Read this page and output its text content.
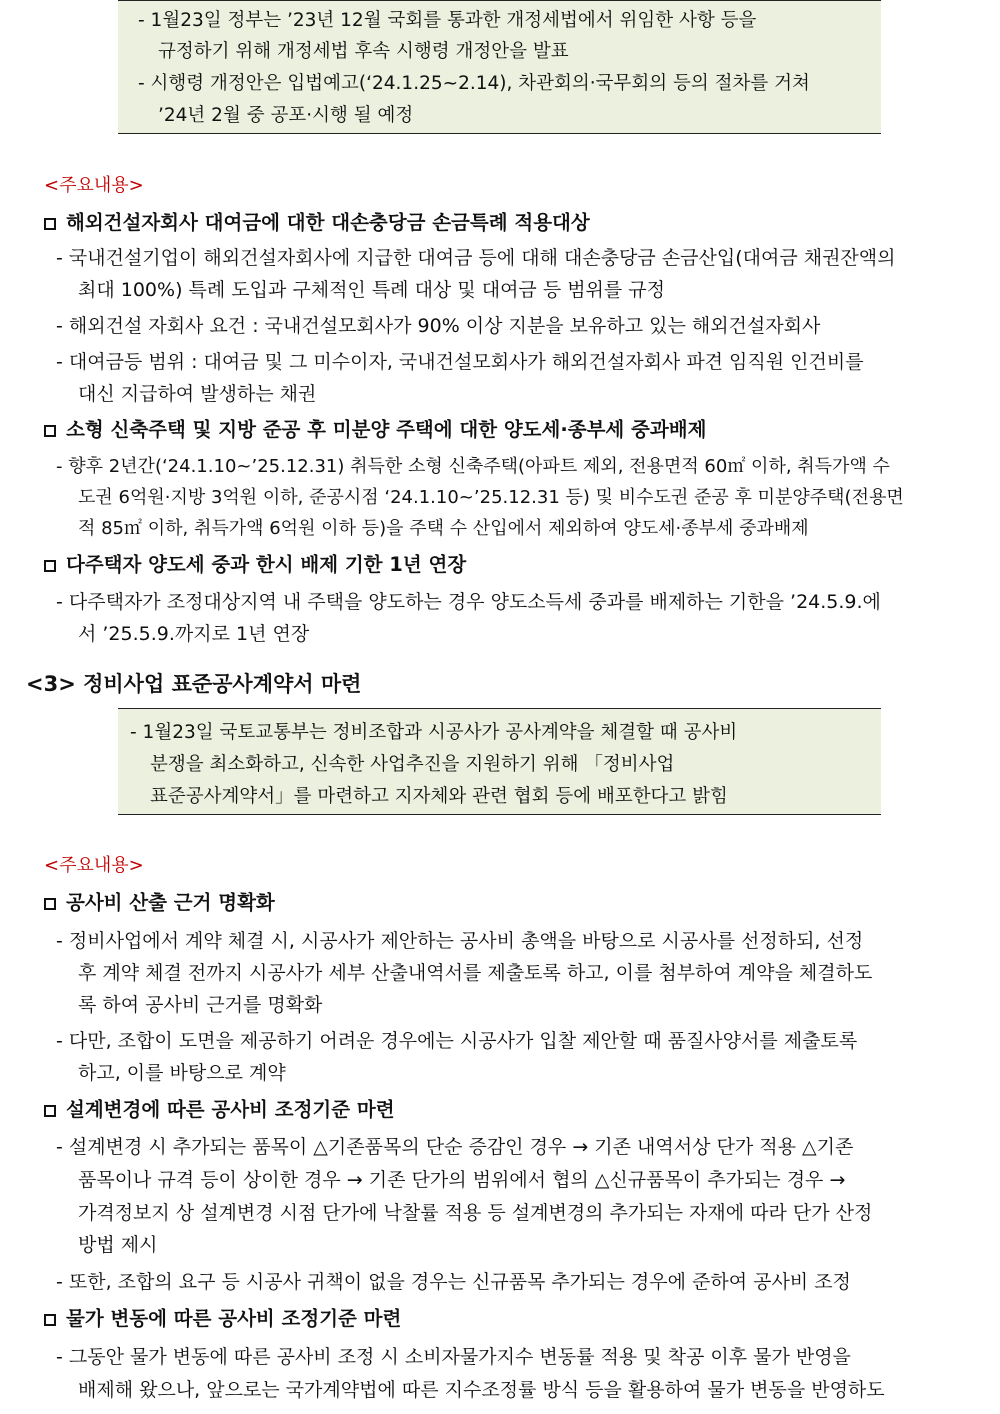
- 1월23일 정부는 ’23년 12월 국회를 통과한 개정세법에서 위임한 사항 등을
규정하기 위해 개정세법 후속 시행령 개정안을 발표
- 시행령 개정안은 입법예고(‘24.1.25~2.14), 차관회의·국무회의 등의 절차를 거쳐
’24년 2월 중 공포·시행 될 예정
<주요내용>
해외건설자회사 대여금에 대한 대손충당금 손금특례 적용대상
- 국내건설기업이 해외건설자회사에 지급한 대여금 등에 대해 대손충당금 손금산입(대여금 채권잔액의
최대 100%) 특례 도입과 구체적인 특례 대상 및 대여금 등 범위를 규정
- 해외건설 자회사 요건 : 국내건설모회사가 90% 이상 지분을 보유하고 있는 해외건설자회사
- 대여금등 범위 : 대여금 및 그 미수이자, 국내건설모회사가 해외건설자회사 파견 임직원 인건비를
대신 지급하여 발생하는 채권
소형 신축주택 및 지방 준공 후 미분양 주택에 대한 양도세·종부세 중과배제
- 향후 2년간(‘24.1.10~’25.12.31) 취득한 소형 신축주택(아파트 제외, 전용면적 60㎡ 이하, 취득가액 수
도권 6억원·지방 3억원 이하, 준공시점 ‘24.1.10~’25.12.31 등) 및 비수도권 준공 후 미분양주택(전용면
적 85㎡ 이하, 취득가액 6억원 이하 등)을 주택 수 산입에서 제외하여 양도세·종부세 중과배제
다주택자 양도세 중과 한시 배제 기한 1년 연장
- 다주택자가 조정대상지역 내 주택을 양도하는 경우 양도소득세 중과를 배제하는 기한을 ’24.5.9.에
서 ’25.5.9.까지로 1년 연장
<3> 정비사업 표준공사계약서 마련
- 1월23일 국토교통부는 정비조합과 시공사가 공사계약을 체결할 때 공사비
분쟁을 최소화하고, 신속한 사업추진을 지원하기 위해 「정비사업
표준공사계약서」를 마련하고 지자체와 관련 협회 등에 배포한다고 밝힘
<주요내용>
공사비 산출 근거 명확화
- 정비사업에서 계약 체결 시, 시공사가 제안하는 공사비 총액을 바탕으로 시공사를 선정하되, 선정
후 계약 체결 전까지 시공사가 세부 산출내역서를 제출토록 하고, 이를 첨부하여 계약을 체결하도
록 하여 공사비 근거를 명확화
- 다만, 조합이 도면을 제공하기 어려운 경우에는 시공사가 입찰 제안할 때 품질사양서를 제출토록
하고, 이를 바탕으로 계약
설계변경에 따른 공사비 조정기준 마련
- 설계변경 시 추가되는 품목이 △기존품목의 단순 증감인 경우 → 기존 내역서상 단가 적용 △기존
품목이나 규격 등이 상이한 경우 → 기존 단가의 범위에서 협의 △신규품목이 추가되는 경우 →
가격정보지 상 설계변경 시점 단가에 낙찰률 적용 등 설계변경의 추가되는 자재에 따라 단가 산정
방법 제시
- 또한, 조합의 요구 등 시공사 귀책이 없을 경우는 신규품목 추가되는 경우에 준하여 공사비 조정
물가 변동에 따른 공사비 조정기준 마련
- 그동안 물가 변동에 따른 공사비 조정 시 소비자물가지수 변동률 적용 및 착공 이후 물가 반영을
배제해 왔으나, 앞으로는 국가계약법에 따른 지수조정률 방식 등을 활용하여 물가 변동을 반영하도
